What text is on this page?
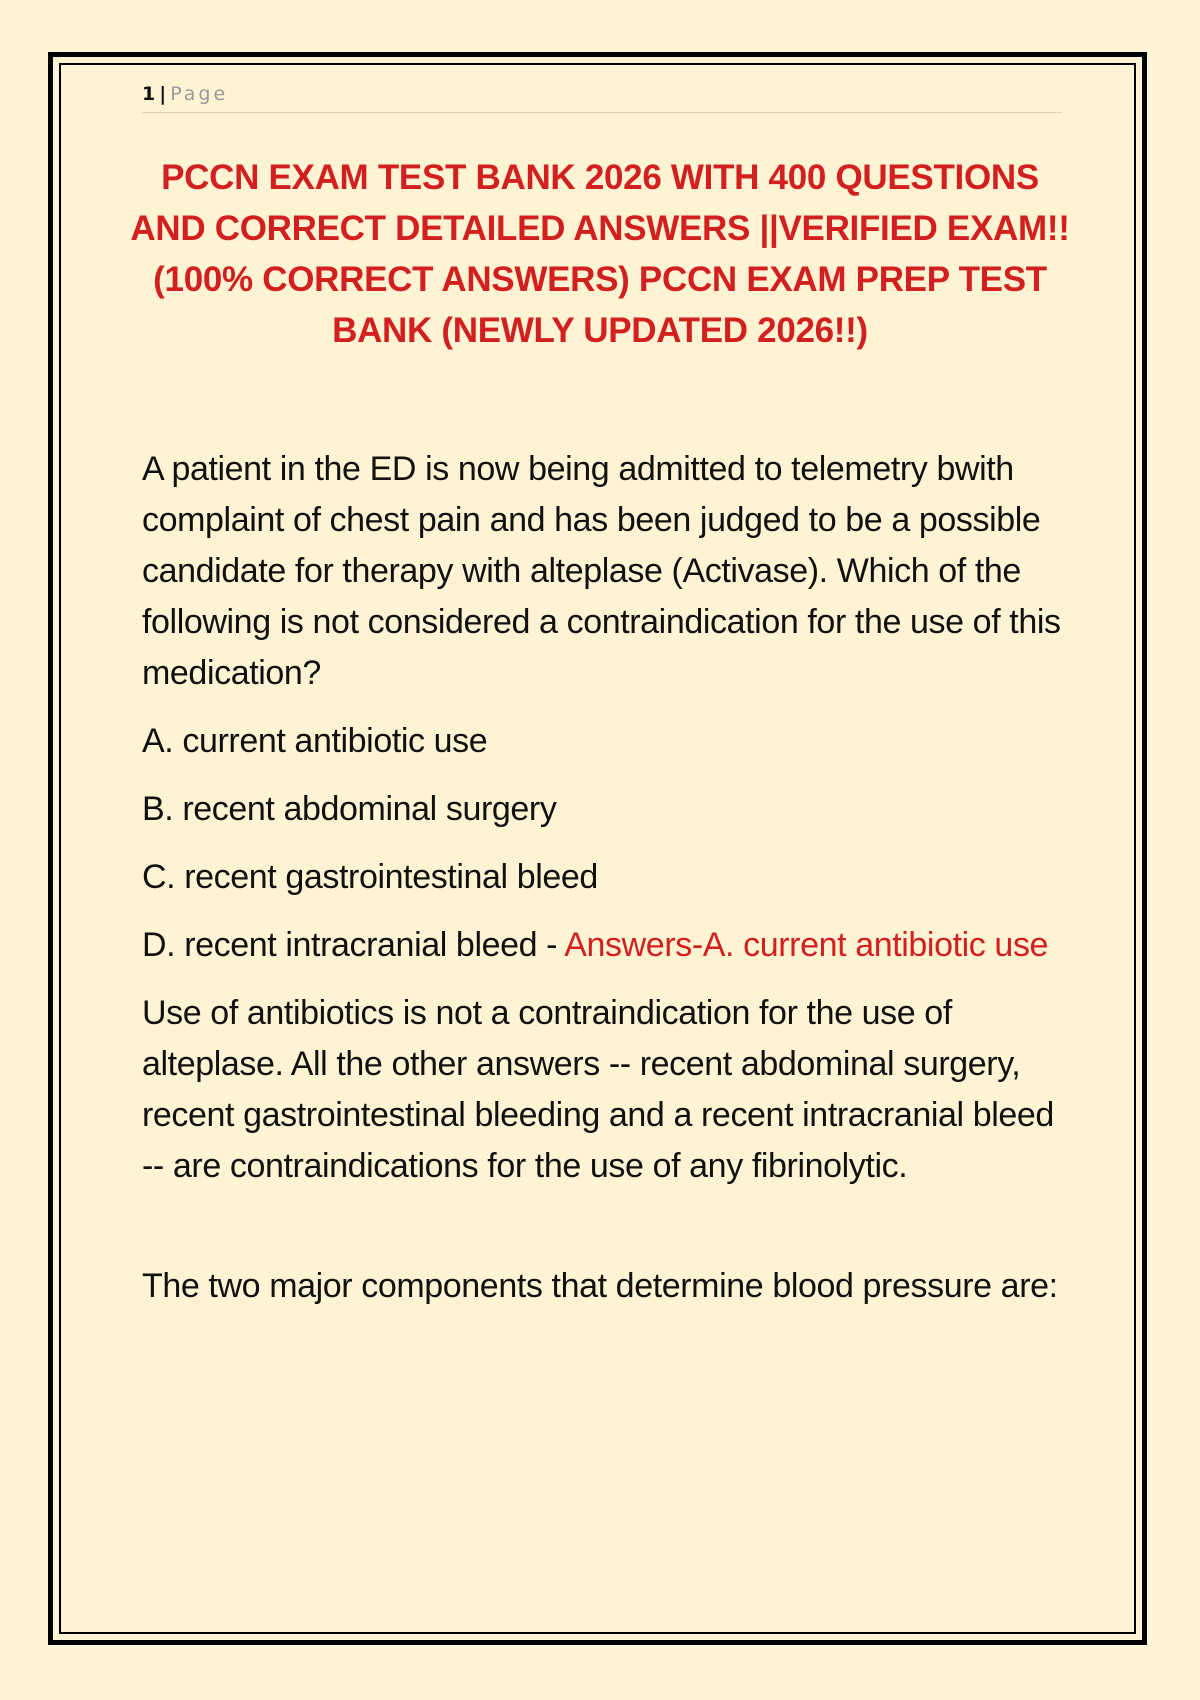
1 | Page
PCCN EXAM TEST BANK 2026 WITH 400 QUESTIONS AND CORRECT DETAILED ANSWERS ||VERIFIED EXAM!!(100% CORRECT ANSWERS) PCCN EXAM PREP TEST BANK (NEWLY UPDATED 2026!!)

A patient in the ED is now being admitted to telemetry bwith complaint of chest pain and has been judged to be a possible candidate for therapy with alteplase (Activase). Which of the following is not considered a contraindication for the use of this medication?

A. current antibiotic use

B. recent abdominal surgery

C. recent gastrointestinal bleed

D. recent intracranial bleed - Answers-A. current antibiotic use

Use of antibiotics is not a contraindication for the use of alteplase. All the other answers -- recent abdominal surgery, recent gastrointestinal bleeding and a recent intracranial bleed -- are contraindications for the use of any fibrinolytic.

The two major components that determine blood pressure are:
